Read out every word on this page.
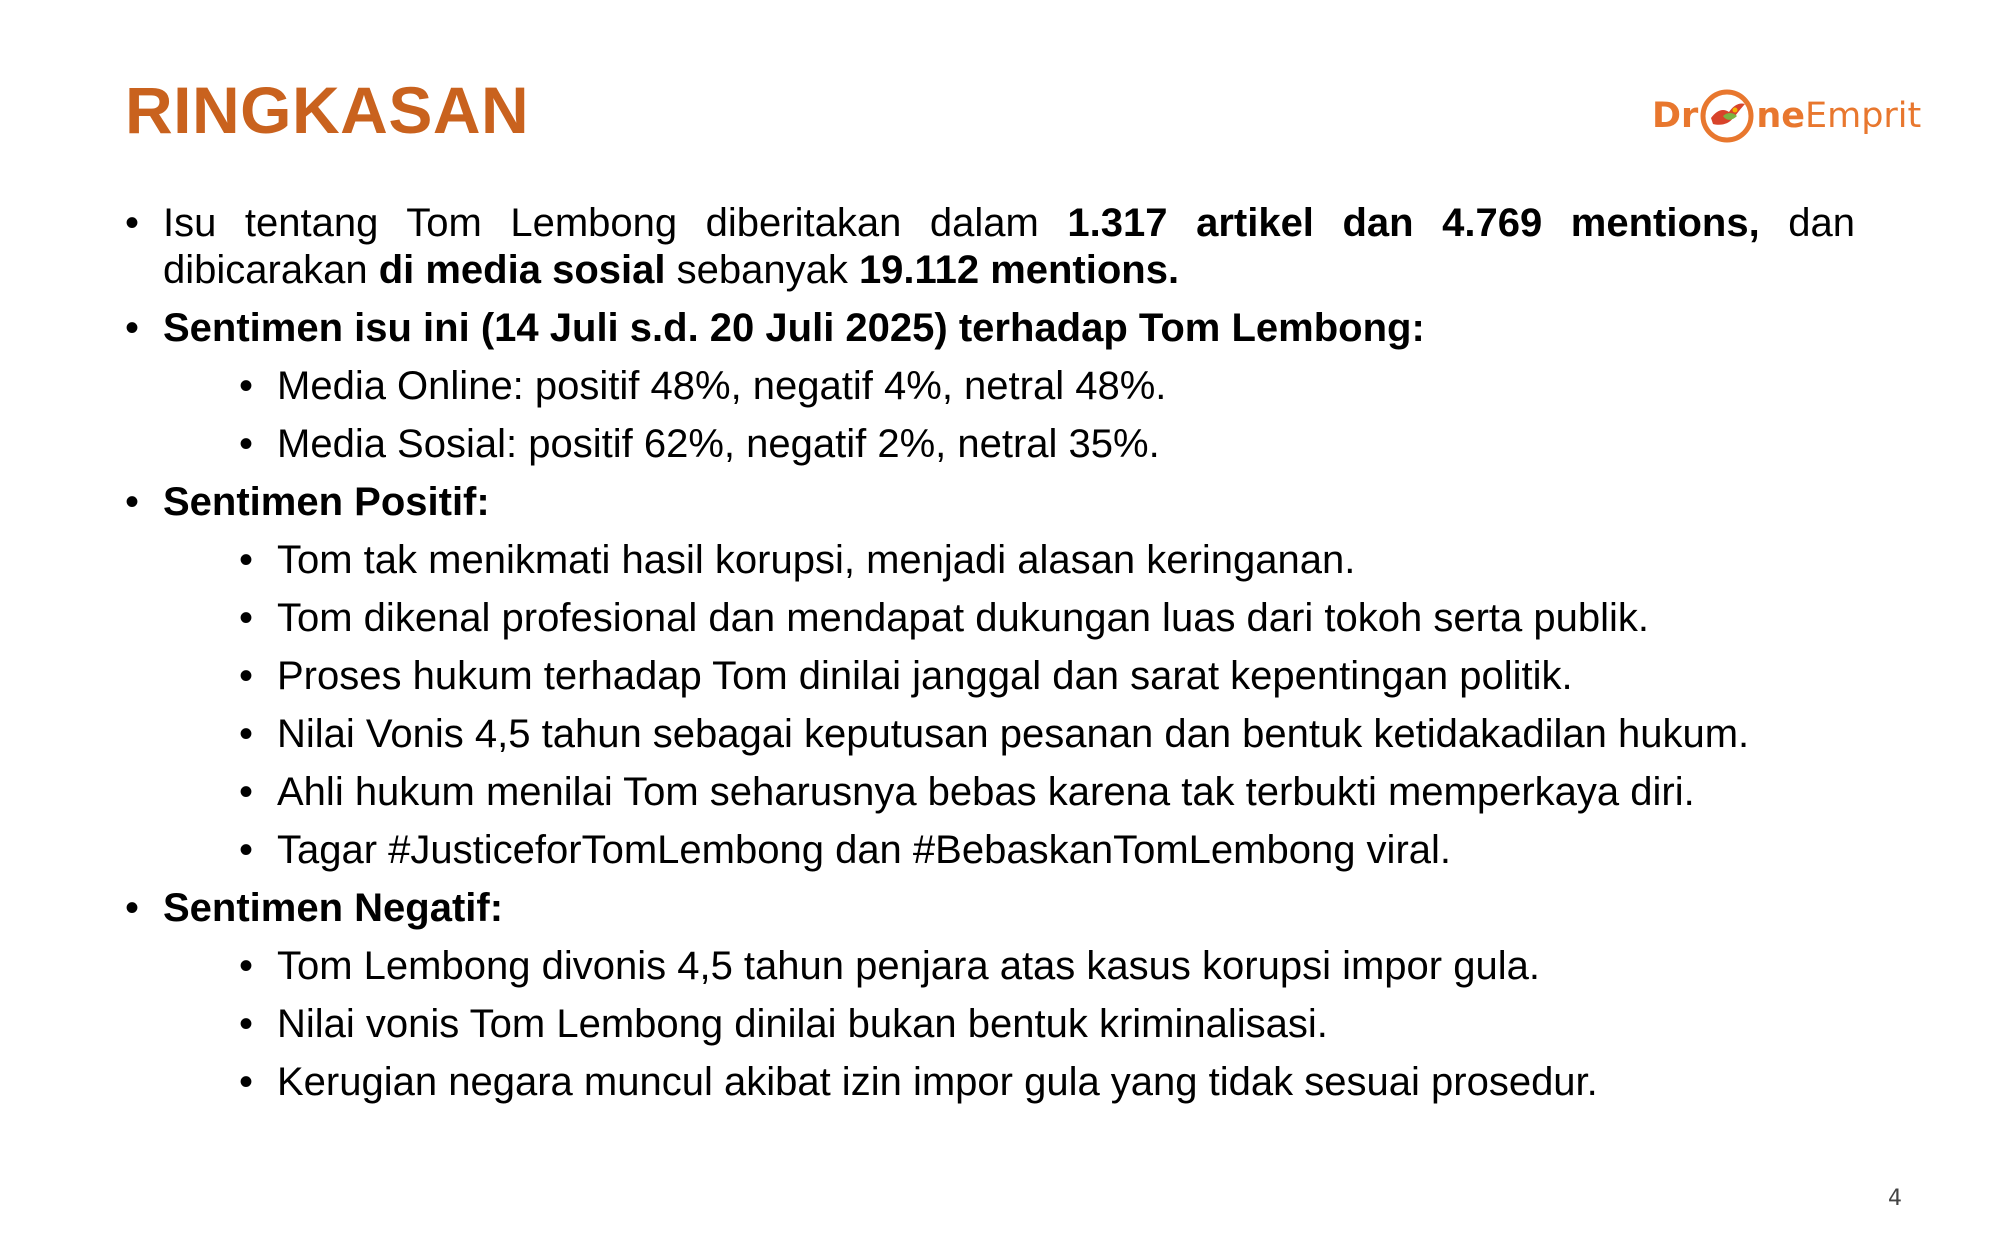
RINGKASAN	Dr ne Emprit
• Isu tentang Tom Lembong diberitakan dalam 1.317 artikel dan 4.769 mentions, dan dibicarakan di media sosial sebanyak 19.112 mentions.
• Sentimen isu ini (14 Juli s.d. 20 Juli 2025) terhadap Tom Lembong:
• Media Online: positif 48%, negatif 4%, netral 48%.
• Media Sosial: positif 62%, negatif 2%, netral 35%.
• Sentimen Positif:
• Tom tak menikmati hasil korupsi, menjadi alasan keringanan.
• Tom dikenal profesional dan mendapat dukungan luas dari tokoh serta publik.
• Proses hukum terhadap Tom dinilai janggal dan sarat kepentingan politik.
• Nilai Vonis 4,5 tahun sebagai keputusan pesanan dan bentuk ketidakadilan hukum.
• Ahli hukum menilai Tom seharusnya bebas karena tak terbukti memperkaya diri.
• Tagar #JusticeforTomLembong dan #BebaskanTomLembong viral.
• Sentimen Negatif:
• Tom Lembong divonis 4,5 tahun penjara atas kasus korupsi impor gula.
• Nilai vonis Tom Lembong dinilai bukan bentuk kriminalisasi.
• Kerugian negara muncul akibat izin impor gula yang tidak sesuai prosedur.
4
